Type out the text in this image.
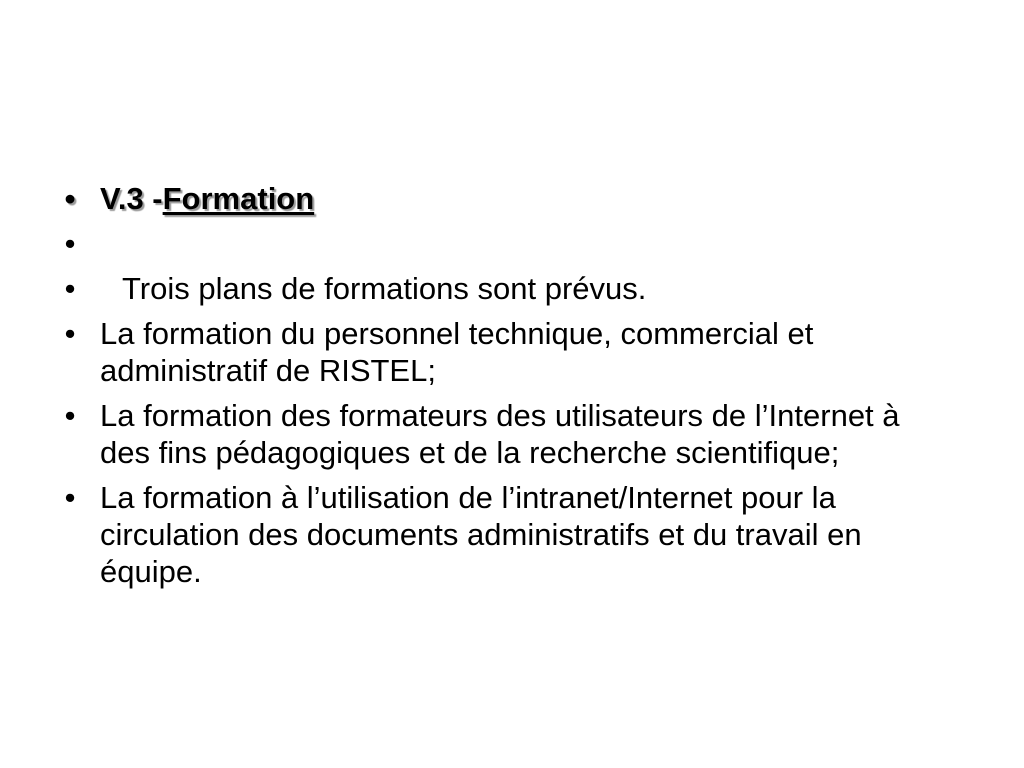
• V.3 -Formation
•

• Trois plans de formations sont prévus.
• La formation du personnel technique, commercial et administratif de RISTEL;
• La formation des formateurs des utilisateurs de l’Internet à des fins pédagogiques et de la recherche scientifique;
• La formation à l’utilisation de l’intranet/Internet pour la circulation des documents administratifs et du travail en équipe.
